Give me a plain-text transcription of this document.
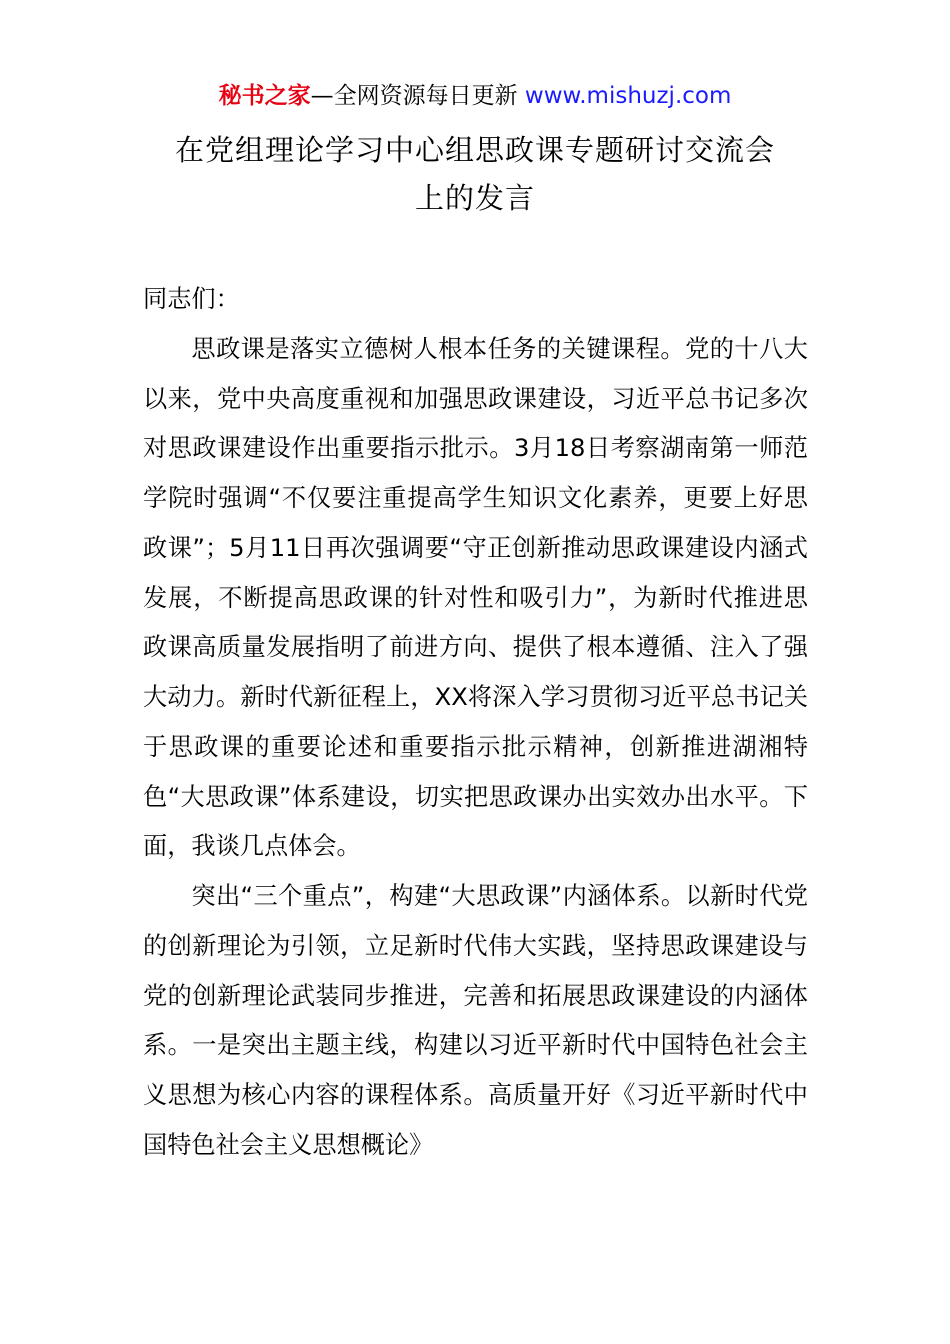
秘书之家—全网资源每日更新 www.mishuzj.com
在党组理论学习中心组思政课专题研讨交流会
上的发言

同志们：

思政课是落实立德树人根本任务的关键课程。党的十八大以来，党中央高度重视和加强思政课建设，习近平总书记多次对思政课建设作出重要指示批示。3月18日考察湖南第一师范学院时强调“不仅要注重提高学生知识文化素养，更要上好思政课”；5月11日再次强调要“守正创新推动思政课建设内涵式发展，不断提高思政课的针对性和吸引力”，为新时代推进思政课高质量发展指明了前进方向、提供了根本遵循、注入了强大动力。新时代新征程上，XX将深入学习贯彻习近平总书记关于思政课的重要论述和重要指示批示精神，创新推进湖湘特色“大思政课”体系建设，切实把思政课办出实效办出水平。下面，我谈几点体会。

突出“三个重点”，构建“大思政课”内涵体系。以新时代党的创新理论为引领，立足新时代伟大实践，坚持思政课建设与党的创新理论武装同步推进，完善和拓展思政课建设的内涵体系。一是突出主题主线，构建以习近平新时代中国特色社会主义思想为核心内容的课程体系。高质量开好《习近平新时代中国特色社会主义思想概论》
